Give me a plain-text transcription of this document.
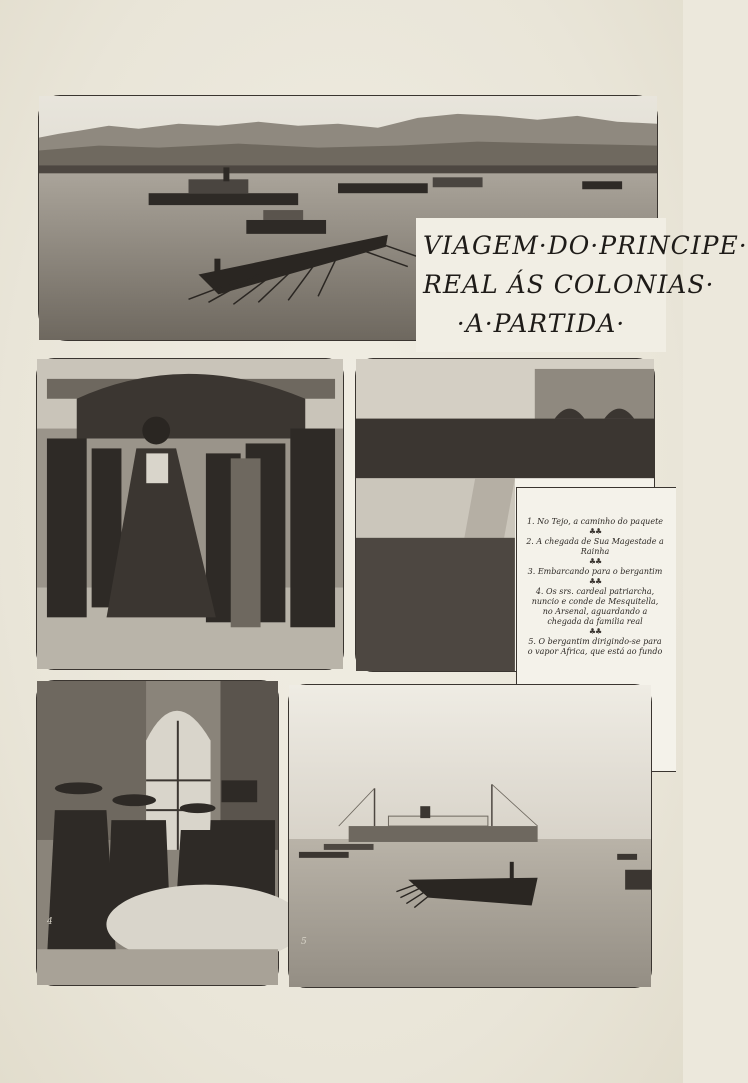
VIAGEM·DO·PRINCIPE·
REAL ÁS COLONIAS·
·A·PARTIDA·
1. No Tejo, a caminho do paquete
♣♣
2. A chegada de Sua Magestade a Rainha
♣♣
3. Embarcando para o bergantim
♣♣
4. Os srs. cardeal patriarcha, nuncio e conde de Mesquitella, no Arsenal, aguardando a chegada da familia real
♣♣
5. O bergantim dirigindo-se para o vapor Africa, que está ao fundo
4
5
